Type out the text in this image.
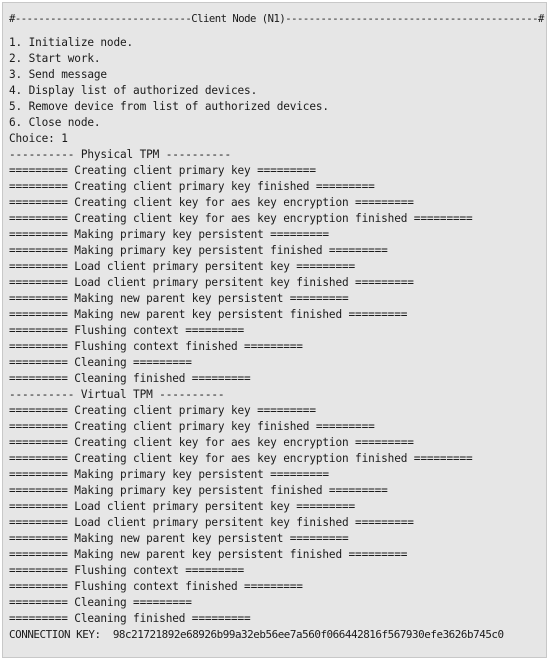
#------------------------------Client Node (N1)-------------------------------------------#
1. Initialize node.
2. Start work.
3. Send message
4. Display list of authorized devices.
5. Remove device from list of authorized devices.
6. Close node.
Choice: 1
---------- Physical TPM ----------
========= Creating client primary key =========
========= Creating client primary key finished =========
========= Creating client key for aes key encryption =========
========= Creating client key for aes key encryption finished =========
========= Making primary key persistent =========
========= Making primary key persistent finished =========
========= Load client primary persitent key =========
========= Load client primary persitent key finished =========
========= Making new parent key persistent =========
========= Making new parent key persistent finished =========
========= Flushing context =========
========= Flushing context finished =========
========= Cleaning =========
========= Cleaning finished =========
---------- Virtual TPM ----------
========= Creating client primary key =========
========= Creating client primary key finished =========
========= Creating client key for aes key encryption =========
========= Creating client key for aes key encryption finished =========
========= Making primary key persistent =========
========= Making primary key persistent finished =========
========= Load client primary persitent key =========
========= Load client primary persitent key finished =========
========= Making new parent key persistent =========
========= Making new parent key persistent finished =========
========= Flushing context =========
========= Flushing context finished =========
========= Cleaning =========
========= Cleaning finished =========
CONNECTION KEY:  98c21721892e68926b99a32eb56ee7a560f066442816f567930efe3626b745c0
